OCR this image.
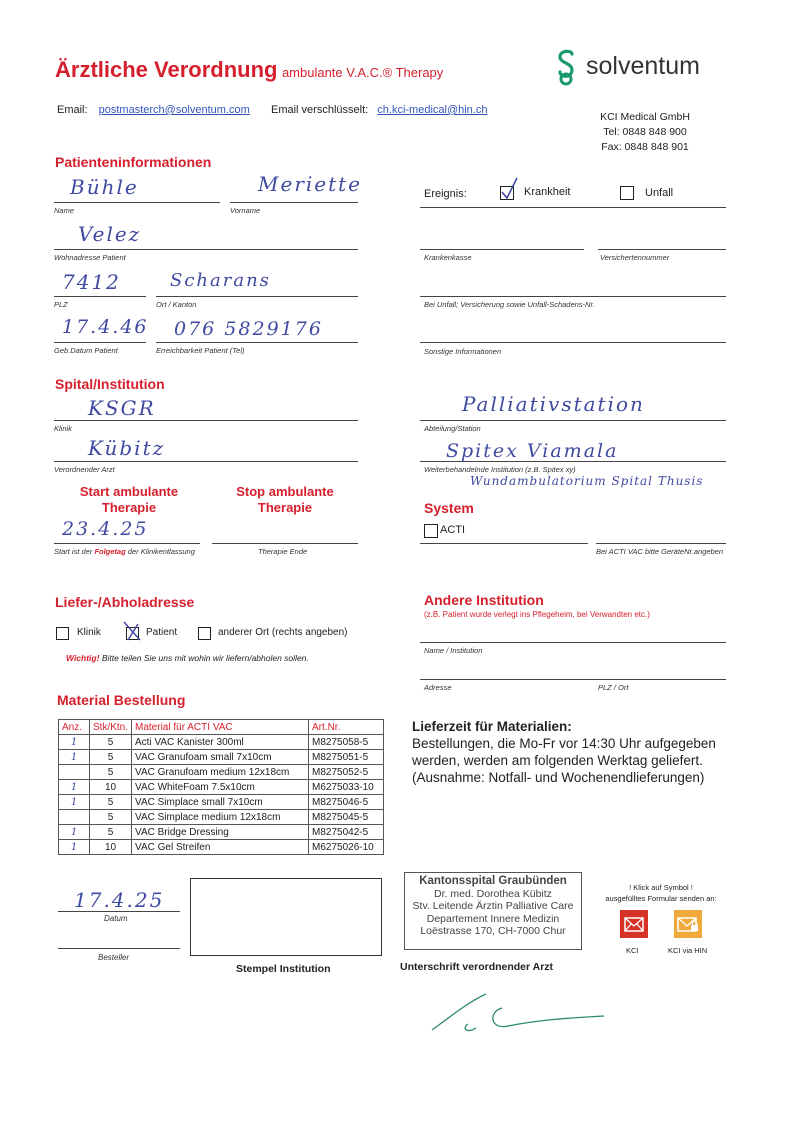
Ärztliche Verordnung ambulante V.A.C.® Therapy	solventum
Email: postmasterch@solventum.com Email verschlüsselt: ch.kci-medical@hin.ch
KCI Medical GmbH
Tel: 0848 848 900
Fax: 0848 848 901
Patienteninformationen
Bühle
Name
Meriette
Vorname
Velez
Wohnadresse Patient
7412
PLZ
Scharans
Ort / Kanton
17.4.46
Geb.Datum Patient
076 5829176
Erreichbarkeit Patient (Tel)
Ereignis:	Krankheit	Unfall
Krankenkasse	Versichertennummer
Bei Unfall; Versicherung sowie Unfall-Schadens-Nr.
Sonstige Informationen
Spital/Institution
KSGR
Klinik
Palliativstation
Abteilung/Station
Kübitz
Verordnender Arzt
Spitex Viamala
Weiterbehandelnde Institution (z.B. Spitex xy)
Wundambulatorium Spital Thusis
Start ambulante Therapie
Stop ambulante Therapie
23.4.25
Start ist der Folgetag der Klinikentlassung	Therapie Ende
System
ACTI
Bei ACTI VAC bitte GeräteNr.angeben
Liefer-/Abholadresse
Klinik	Patient	anderer Ort (rechts angeben)
Wichtig! Bitte teilen Sie uns mit wohin wir liefern/abholen sollen.
Andere Institution
(z.B. Patient wurde verlegt ins Pflegeheim, bei Verwandten etc.)
Name / Institution
Adresse	PLZ / Ort
Material Bestellung
Anz.	Stk/Ktn.	Material für ACTI VAC	Art.Nr.
1	5	Acti VAC Kanister 300ml	M8275058-5
1	5	VAC Granufoam small 7x10cm	M8275051-5
	5	VAC Granufoam medium 12x18cm	M8275052-5
1	10	VAC WhiteFoam 7.5x10cm	M6275033-10
1	5	VAC Simplace small 7x10cm	M8275046-5
	5	VAC Simplace medium 12x18cm	M8275045-5
1	5	VAC Bridge Dressing	M8275042-5
1	10	VAC Gel Streifen	M6275026-10
Lieferzeit für Materialien:
Bestellungen, die Mo-Fr vor 14:30 Uhr aufgegeben
werden, werden am folgenden Werktag geliefert.
(Ausnahme: Notfall- und Wochenendlieferungen)
17.4.25
Datum
Besteller
Stempel Institution
Kantonsspital Graubünden
Dr. med. Dorothea Kübitz
Stv. Leitende Ärztin Palliative Care
Departement Innere Medizin
Loëstrasse 170, CH-7000 Chur
Unterschrift verordnender Arzt
! Klick auf Symbol !
ausgefülltes Formular senden an:
KCI	KCI via HIN
